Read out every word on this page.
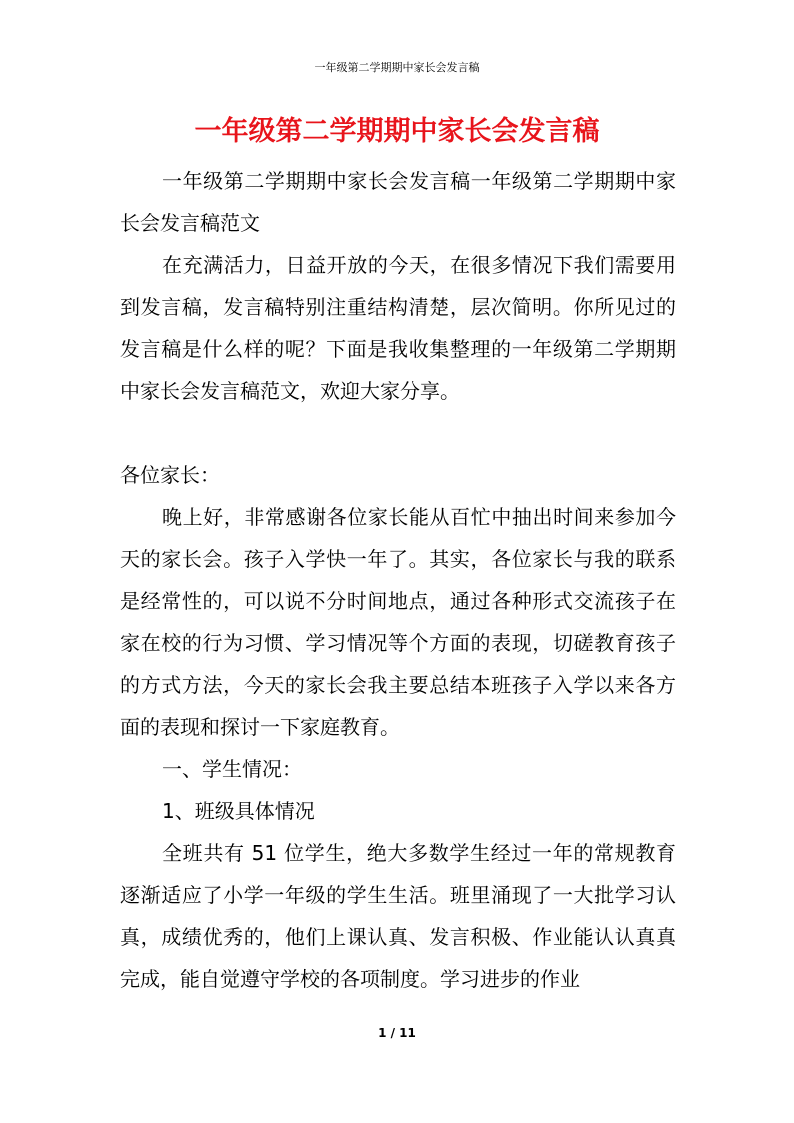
一年级第二学期期中家长会发言稿
一年级第二学期期中家长会发言稿

一年级第二学期期中家长会发言稿一年级第二学期期中家长会发言稿范文

在充满活力，日益开放的今天，在很多情况下我们需要用到发言稿，发言稿特别注重结构清楚，层次简明。你所见过的发言稿是什么样的呢？下面是我收集整理的一年级第二学期期中家长会发言稿范文，欢迎大家分享。

各位家长：

晚上好，非常感谢各位家长能从百忙中抽出时间来参加今天的家长会。孩子入学快一年了。其实，各位家长与我的联系是经常性的，可以说不分时间地点，通过各种形式交流孩子在家在校的行为习惯、学习情况等个方面的表现，切磋教育孩子的方式方法，今天的家长会我主要总结本班孩子入学以来各方面的表现和探讨一下家庭教育。

一、学生情况：

1、班级具体情况

全班共有 51 位学生，绝大多数学生经过一年的常规教育逐渐适应了小学一年级的学生生活。班里涌现了一大批学习认真，成绩优秀的，他们上课认真、发言积极、作业能认认真真完成，能自觉遵守学校的各项制度。学习进步的作业

1 / 11
